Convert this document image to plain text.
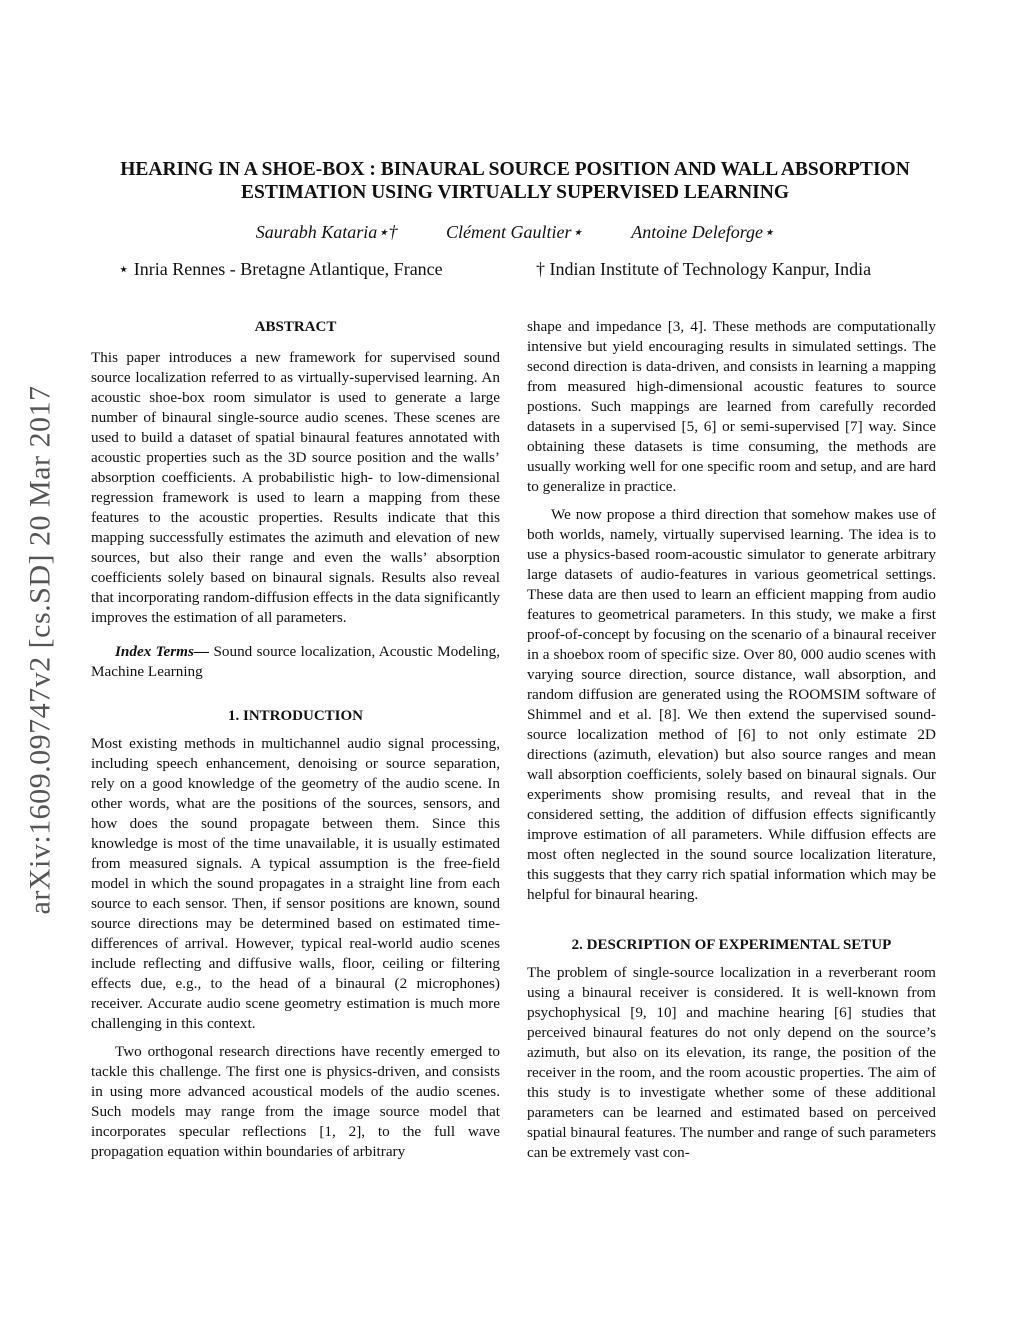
arXiv:1609.09747v2 [cs.SD] 20 Mar 2017
HEARING IN A SHOE-BOX : BINAURAL SOURCE POSITION AND WALL ABSORPTION
ESTIMATION USING VIRTUALLY SUPERVISED LEARNING
Saurabh Kataria⋆†	Clément Gaultier⋆	Antoine Deleforge⋆
⋆ Inria Rennes - Bretagne Atlantique, France	† Indian Institute of Technology Kanpur, India
ABSTRACT

This paper introduces a new framework for supervised sound source localization referred to as virtually-supervised learning. An acoustic shoe-box room simulator is used to generate a large number of binaural single-source audio scenes. These scenes are used to build a dataset of spatial binaural features annotated with acoustic properties such as the 3D source position and the walls’ absorption coefficients. A probabilistic high- to low-dimensional regression framework is used to learn a mapping from these features to the acoustic properties. Results indicate that this mapping successfully estimates the azimuth and elevation of new sources, but also their range and even the walls’ absorption coefficients solely based on binaural signals. Results also reveal that incorporating random-diffusion effects in the data significantly improves the estimation of all parameters.

Index Terms— Sound source localization, Acoustic Modeling, Machine Learning

1. INTRODUCTION

Most existing methods in multichannel audio signal processing, including speech enhancement, denoising or source separation, rely on a good knowledge of the geometry of the audio scene. In other words, what are the positions of the sources, sensors, and how does the sound propagate between them. Since this knowledge is most of the time unavailable, it is usually estimated from measured signals. A typical assumption is the free-field model in which the sound propagates in a straight line from each source to each sensor. Then, if sensor positions are known, sound source directions may be determined based on estimated time-differences of arrival. However, typical real-world audio scenes include reflecting and diffusive walls, floor, ceiling or filtering effects due, e.g., to the head of a binaural (2 microphones) receiver. Accurate audio scene geometry estimation is much more challenging in this context.

Two orthogonal research directions have recently emerged to tackle this challenge. The first one is physics-driven, and consists in using more advanced acoustical models of the audio scenes. Such models may range from the image source model that incorporates specular reflections [1, 2], to the full wave propagation equation within boundaries of arbitrary

shape and impedance [3, 4]. These methods are computationally intensive but yield encouraging results in simulated settings. The second direction is data-driven, and consists in learning a mapping from measured high-dimensional acoustic features to source postions. Such mappings are learned from carefully recorded datasets in a supervised [5, 6] or semi-supervised [7] way. Since obtaining these datasets is time consuming, the methods are usually working well for one specific room and setup, and are hard to generalize in practice.

We now propose a third direction that somehow makes use of both worlds, namely, virtually supervised learning. The idea is to use a physics-based room-acoustic simulator to generate arbitrary large datasets of audio-features in various geometrical settings. These data are then used to learn an efficient mapping from audio features to geometrical parameters. In this study, we make a first proof-of-concept by focusing on the scenario of a binaural receiver in a shoebox room of specific size. Over 80, 000 audio scenes with varying source direction, source distance, wall absorption, and random diffusion are generated using the ROOMSIM software of Shimmel and et al. [8]. We then extend the supervised sound-source localization method of [6] to not only estimate 2D directions (azimuth, elevation) but also source ranges and mean wall absorption coefficients, solely based on binaural signals. Our experiments show promising results, and reveal that in the considered setting, the addition of diffusion effects significantly improve estimation of all parameters. While diffusion effects are most often neglected in the sound source localization literature, this suggests that they carry rich spatial information which may be helpful for binaural hearing.

2. DESCRIPTION OF EXPERIMENTAL SETUP

The problem of single-source localization in a reverberant room using a binaural receiver is considered. It is well-known from psychophysical [9, 10] and machine hearing [6] studies that perceived binaural features do not only depend on the source’s azimuth, but also on its elevation, its range, the position of the receiver in the room, and the room acoustic properties. The aim of this study is to investigate whether some of these additional parameters can be learned and estimated based on perceived spatial binaural features. The number and range of such parameters can be extremely vast con-
